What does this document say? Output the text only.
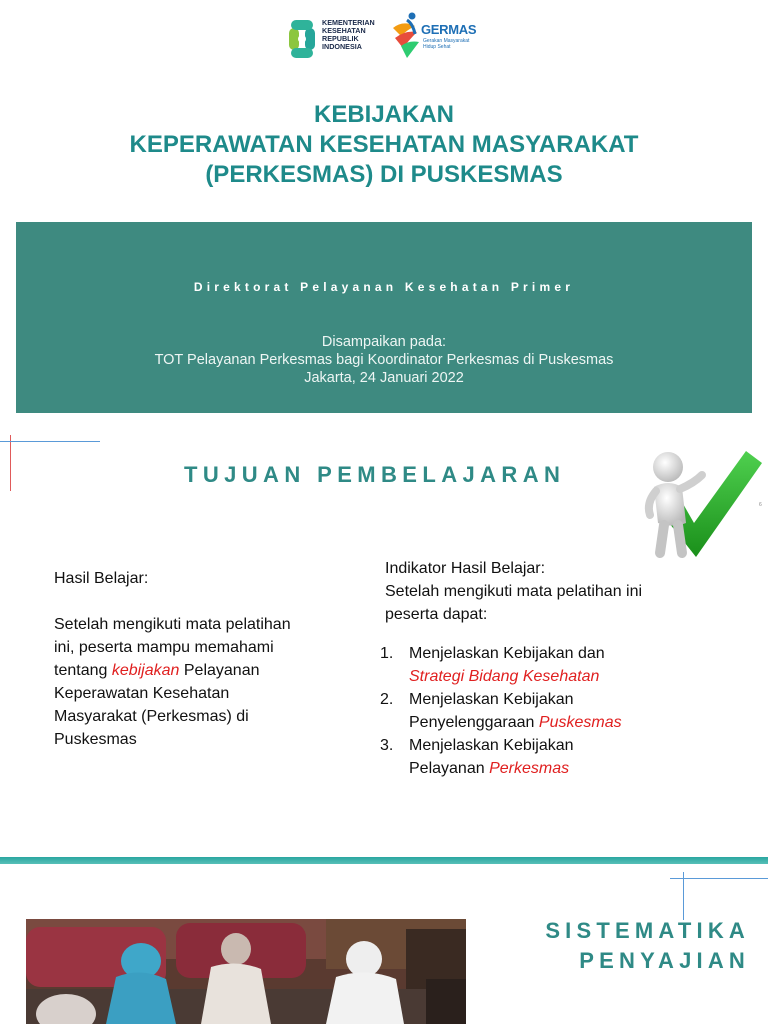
KEMENTERIAN
KESEHATAN
REPUBLIK
INDONESIA
GERMAS
Gerakan Masyarakat
Hidup Sehat
KEBIJAKAN
KEPERAWATAN KESEHATAN MASYARAKAT
(PERKESMAS) DI PUSKESMAS
Direktorat Pelayanan Kesehatan Primer
Disampaikan pada:
TOT Pelayanan Perkesmas bagi Koordinator Perkesmas di Puskesmas
Jakarta, 24 Januari 2022
TUJUAN PEMBELAJARAN
6
Hasil Belajar:

Setelah mengikuti mata pelatihan
ini, peserta mampu memahami
tentang kebijakan Pelayanan
Keperawatan Kesehatan
Masyarakat (Perkesmas) di
Puskesmas
Indikator Hasil Belajar:
Setelah mengikuti mata pelatihan ini
peserta dapat:
1. Menjelaskan Kebijakan dan
Strategi Bidang Kesehatan
2. Menjelaskan Kebijakan
Penyelenggaraan Puskesmas
3. Menjelaskan Kebijakan
Pelayanan Perkesmas
SISTEMATIKA
PENYAJIAN
